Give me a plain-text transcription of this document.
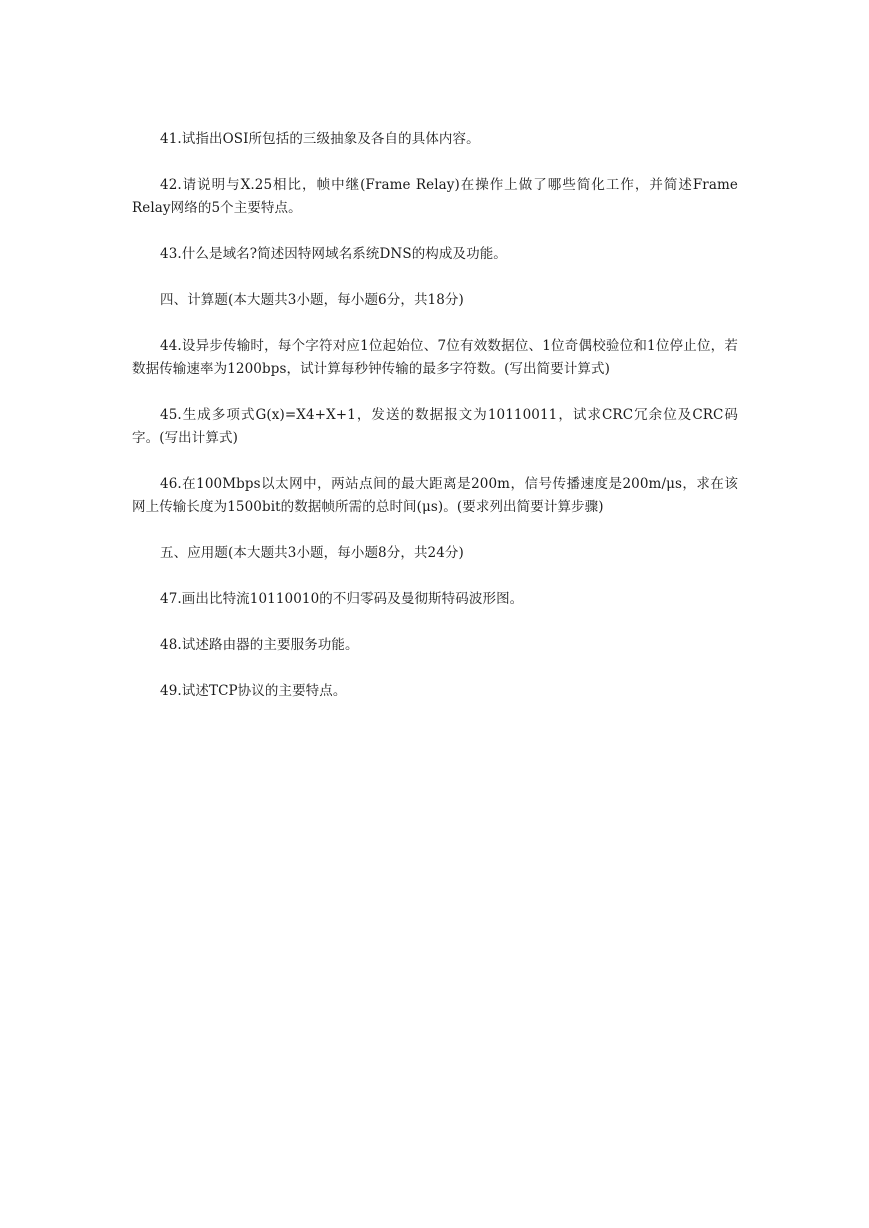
41.试指出OSI所包括的三级抽象及各自的具体内容。

42.请说明与X.25相比，帧中继(Frame Relay)在操作上做了哪些简化工作，并简述Frame Relay网络的5个主要特点。

43.什么是域名?简述因特网域名系统DNS的构成及功能。

四、计算题(本大题共3小题，每小题6分，共18分)

44.设异步传输时，每个字符对应1位起始位、7位有效数据位、1位奇偶校验位和1位停止位，若数据传输速率为1200bps，试计算每秒钟传输的最多字符数。(写出简要计算式)

45.生成多项式G(x)=X4+X+1，发送的数据报文为10110011，试求CRC冗余位及CRC码字。(写出计算式)

46.在100Mbps以太网中，两站点间的最大距离是200m，信号传播速度是200m/μs，求在该网上传输长度为1500bit的数据帧所需的总时间(μs)。(要求列出简要计算步骤)

五、应用题(本大题共3小题，每小题8分，共24分)

47.画出比特流10110010的不归零码及曼彻斯特码波形图。

48.试述路由器的主要服务功能。

49.试述TCP协议的主要特点。
